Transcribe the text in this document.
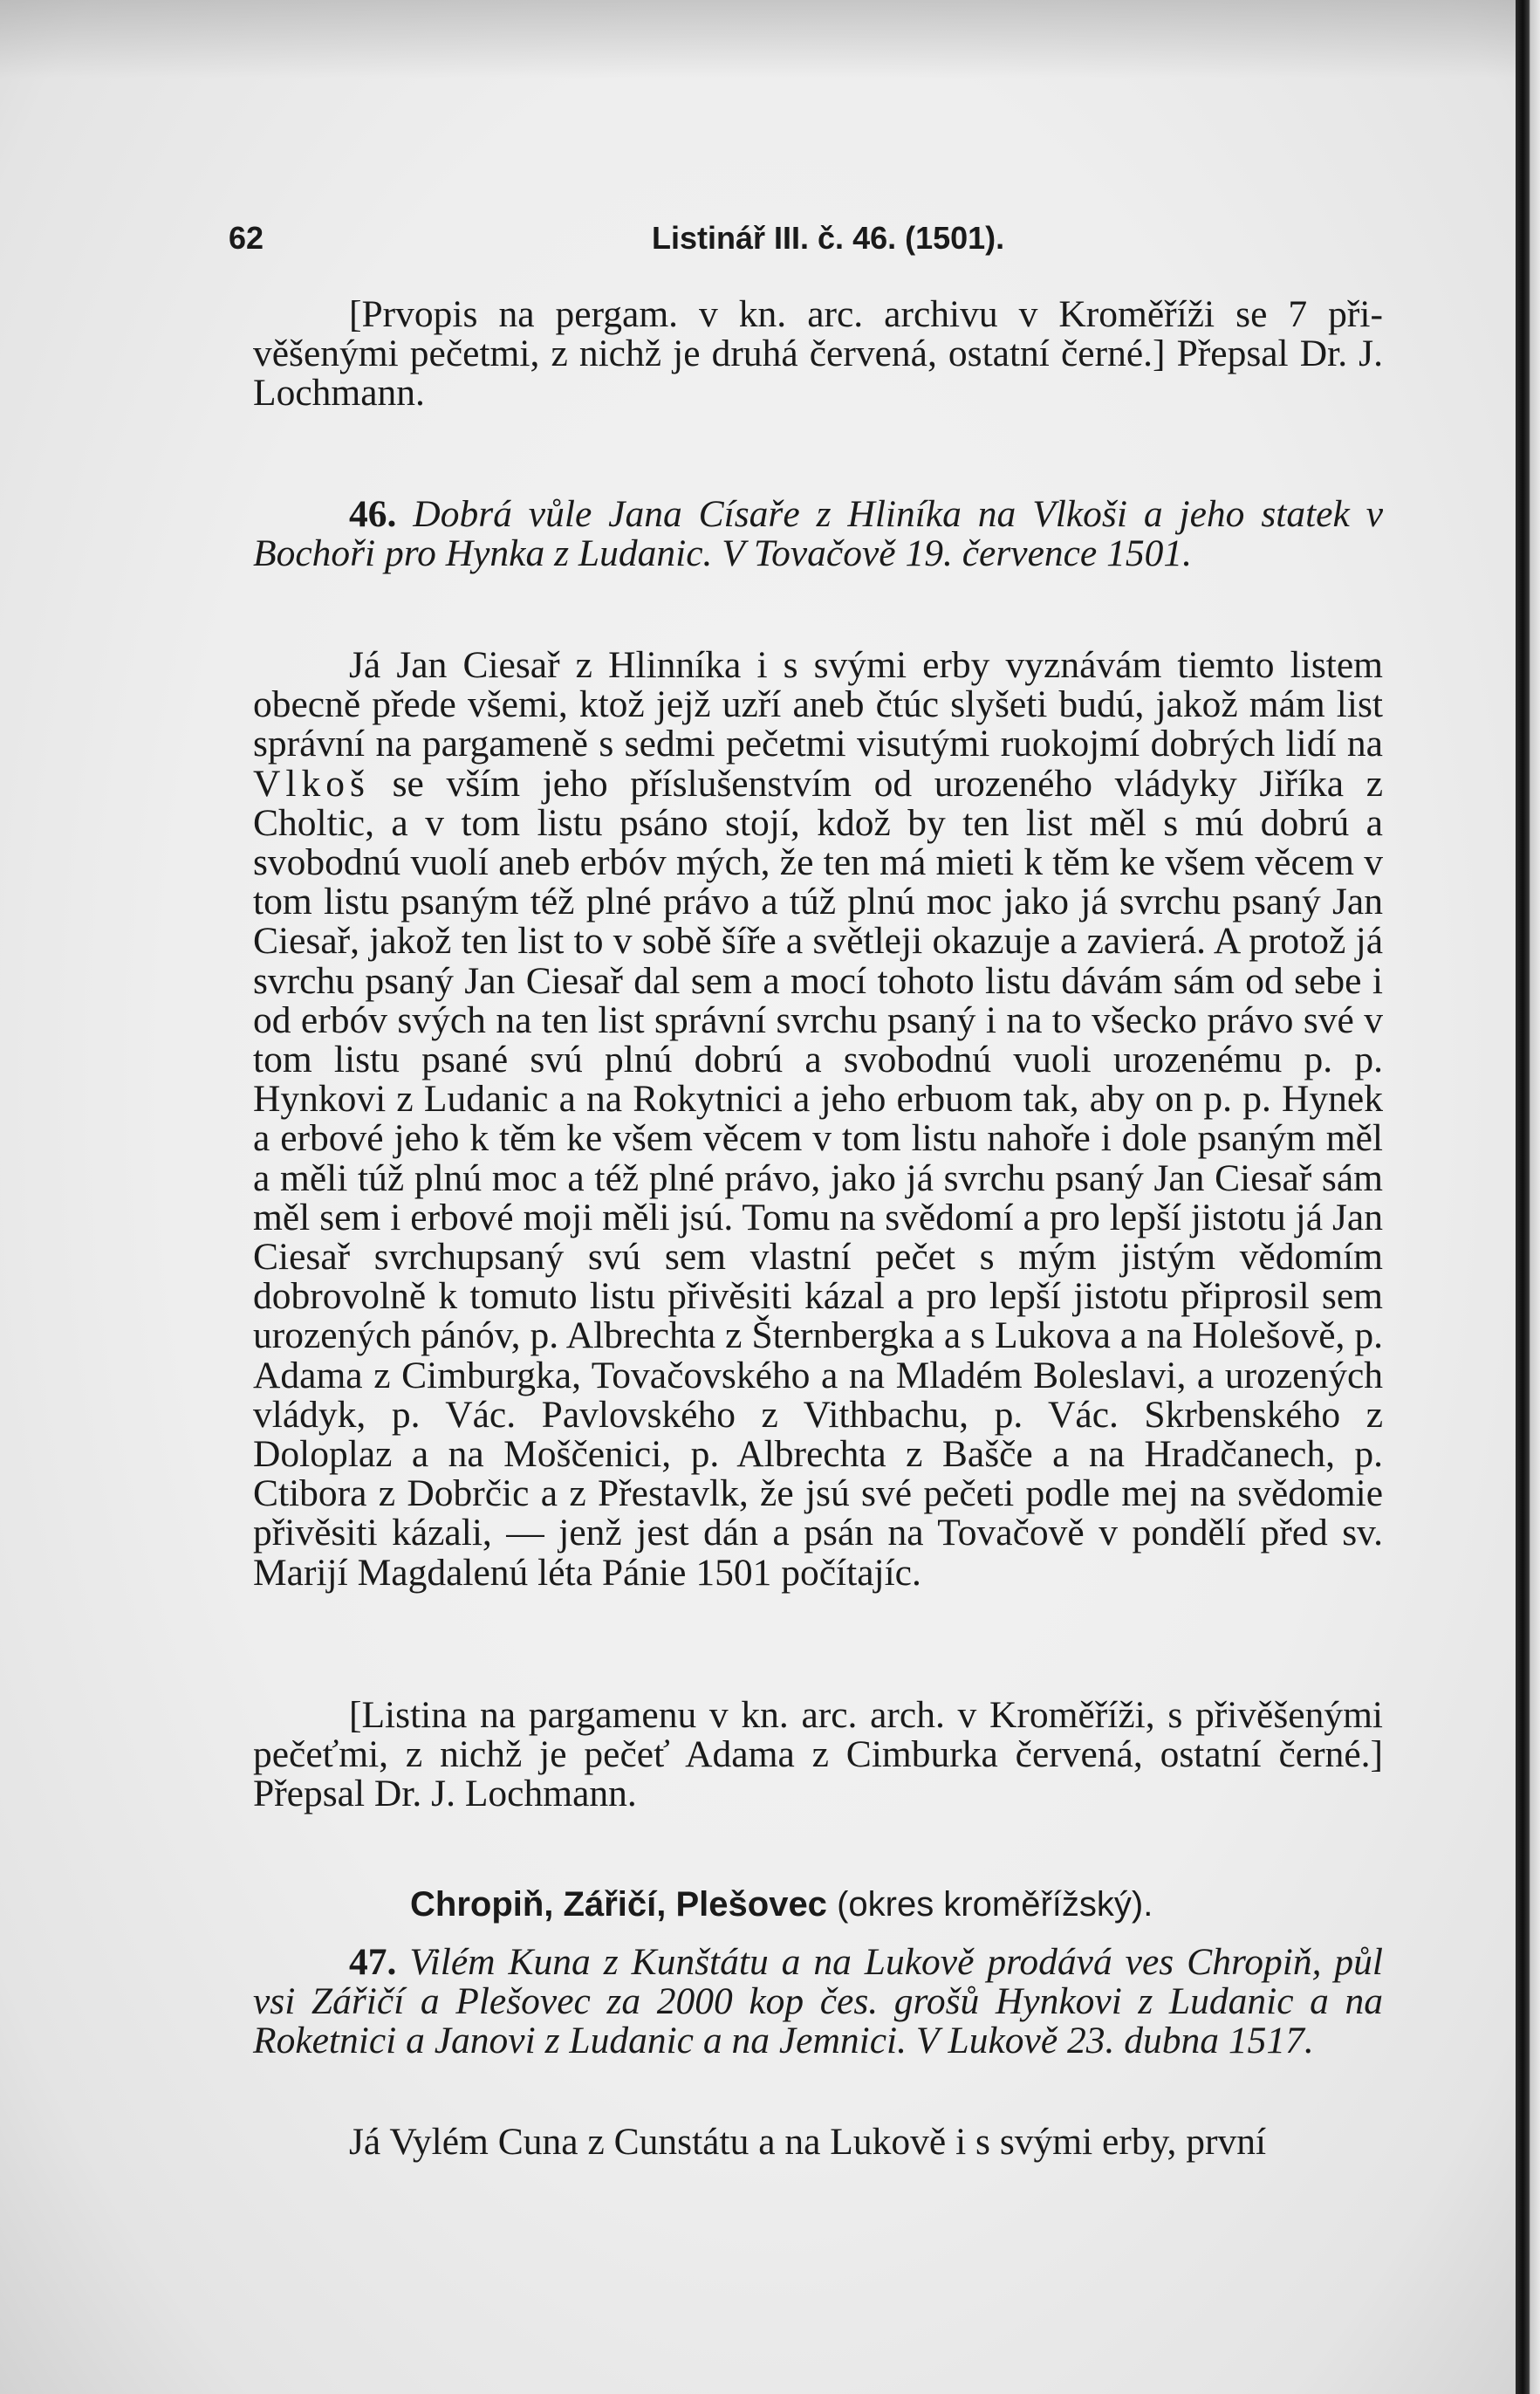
62	Listinář III. č. 46. (1501).

[Prvopis na pergam. v kn. arc. archivu v Kroměříži se 7 přivěšenými pečetmi, z nichž je druhá červená, ostatní černé.] Přepsal Dr. J. Lochmann.

46. Dobrá vůle Jana Císaře z Hliníka na Vlkoši a jeho statek v Bochoři pro Hynka z Ludanic. V Tovačově 19. července 1501.

Já Jan Ciesař z Hlinníka i s svými erby vyznávám tiemto listem obecně přede všemi, ktož jejž uzří aneb čtúc slyšeti budú, jakož mám list správní na pargameně s sedmi pečetmi visutými ruokojmí dobrých lidí na Vlkoš se vším jeho příslušenstvím od urozeného vládyky Jiříka z Choltic, a v tom listu psáno stojí, kdož by ten list měl s mú dobrú a svobodnú vuolí aneb erbóv mých, že ten má mieti k těm ke všem věcem v tom listu psaným též plné právo a túž plnú moc jako já svrchu psaný Jan Ciesař, jakož ten list to v sobě šíře a světleji okazuje a zavierá. A protož já svrchu psaný Jan Ciesař dal sem a mocí tohoto listu dávám sám od sebe i od erbóv svých na ten list správní svrchu psaný i na to všecko právo své v tom listu psané svú plnú dobrú a svobodnú vuoli urozenému p. p. Hynkovi z Ludanic a na Rokytnici a jeho erbuom tak, aby on p. p. Hynek a erbové jeho k těm ke všem věcem v tom listu nahoře i dole psaným měl a měli túž plnú moc a též plné právo, jako já svrchu psaný Jan Ciesař sám měl sem i erbové moji měli jsú. Tomu na svědomí a pro lepší jistotu já Jan Ciesař svrchupsaný svú sem vlastní pečet s mým jistým vědomím dobrovolně k tomuto listu přivěsiti kázal a pro lepší jistotu připrosil sem urozených pánóv, p. Albrechta z Šternbergka a s Lukova a na Holešově, p. Adama z Cimburgka, Tovačovského a na Mladém Boleslavi, a urozených vládyk, p. Vác. Pavlovského z Vithbachu, p. Vác. Skrbenského z Doloplaz a na Moščenici, p. Albrechta z Bašče a na Hradčanech, p. Ctibora z Dobrčic a z Přestavlk, že jsú své pečeti podle mej na svědomie přivěsiti kázali, — jenž jest dán a psán na Tovačově v pondělí před sv. Marijí Magdalenú léta Pánie 1501 počítajíc.

[Listina na pargamenu v kn. arc. arch. v Kroměříži, s přivěšenými pečeťmi, z nichž je pečeť Adama z Cimburka červená, ostatní černé.] Přepsal Dr. J. Lochmann.

Chropiň, Zářičí, Plešovec (okres kroměřížský).

47. Vilém Kuna z Kunštátu a na Lukově prodává ves Chropiň, půl vsi Zářičí a Plešovec za 2000 kop čes. grošů Hynkovi z Ludanic a na Roketnici a Janovi z Ludanic a na Jemnici. V Lukově 23. dubna 1517.

Já Vylém Cuna z Cunstátu a na Lukově i s svými erby, první
